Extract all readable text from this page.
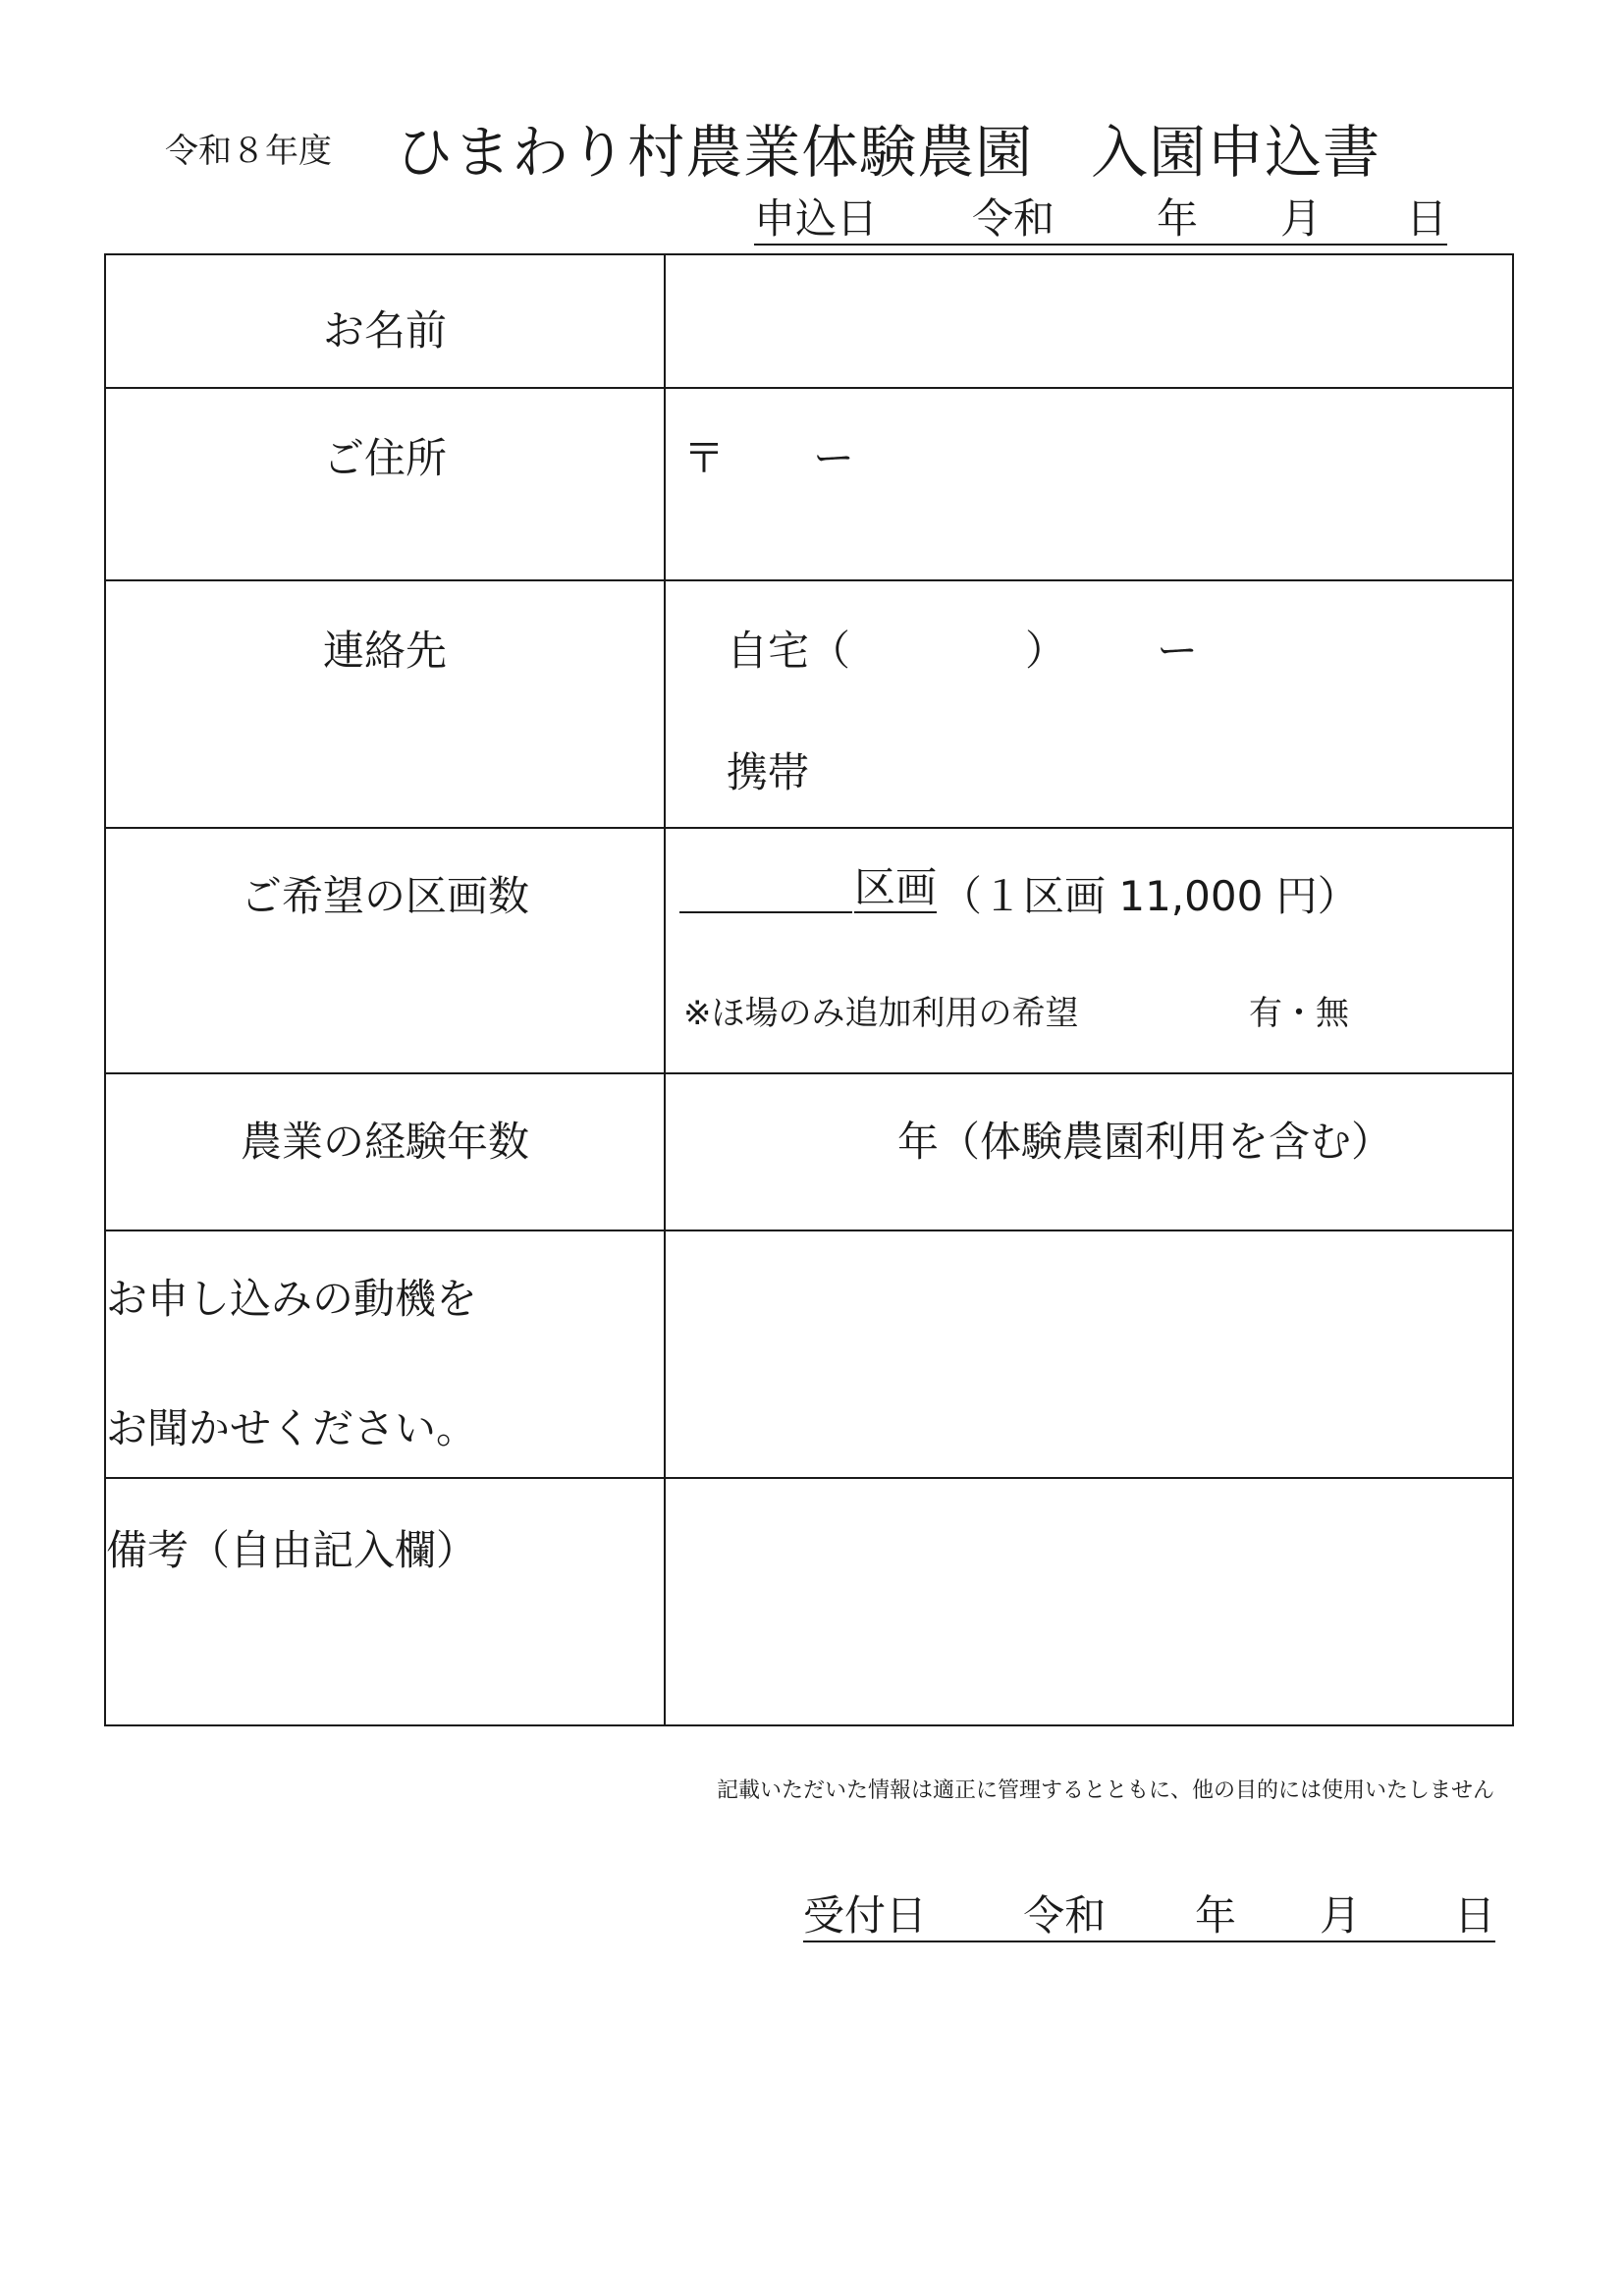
令和８年度 ひまわり村農業体験農園　入園申込書
申込日	令和	年	月	日
お名前	

ご住所	〒 ー

連絡先	自宅（ ） ー
携帯

ご希望の区画数	区画 （１区画 11,000 円）
※ほ場のみ追加利用の希望 有・無

農業の経験年数	年（体験農園利用を含む）

お申し込みの動機を
お聞かせください。	

備考（自由記入欄）	

記載いただいた情報は適正に管理するとともに、他の目的には使用いたしません
受付日	令和	年	月	日
